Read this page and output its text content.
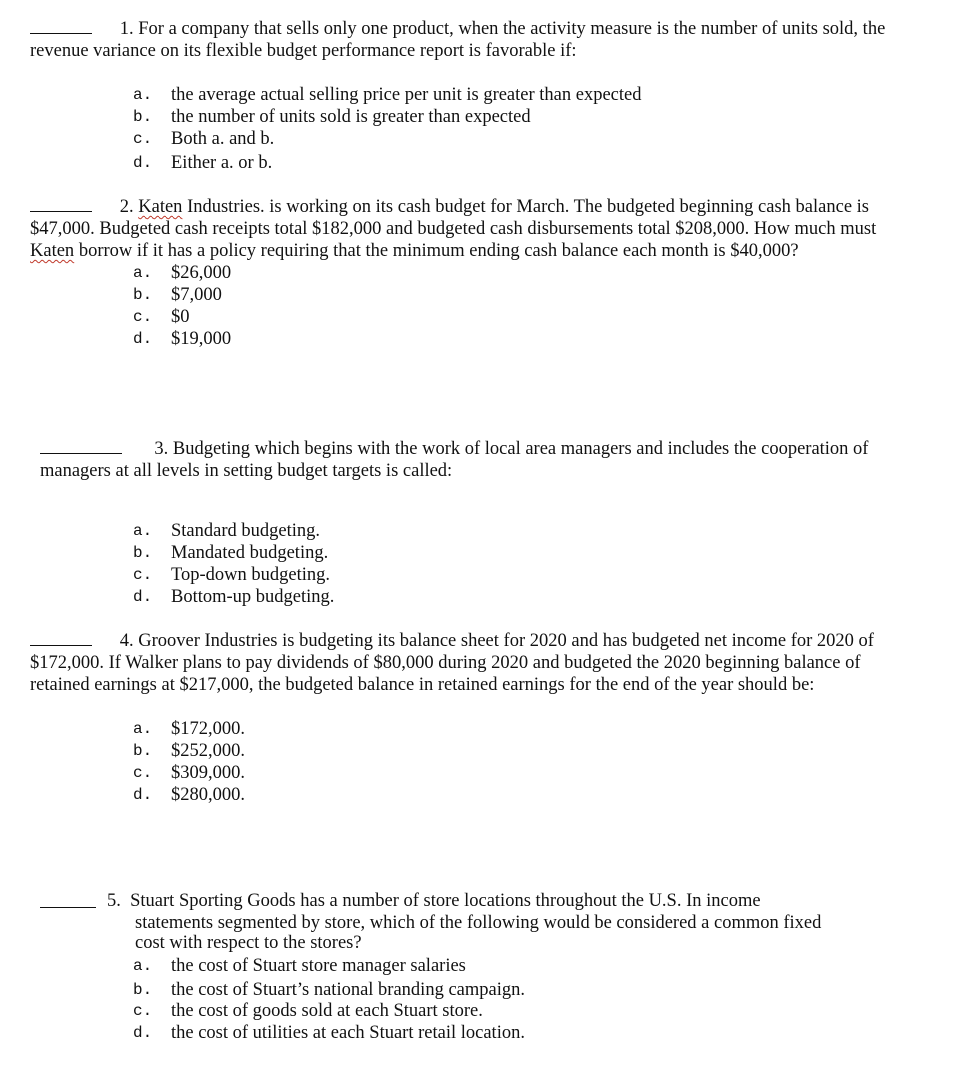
1. For a company that sells only one product, when the activity measure is the number of units sold, the
revenue variance on its flexible budget performance report is favorable if:
a. the average actual selling price per unit is greater than expected
b. the number of units sold is greater than expected
c. Both a. and b.
d. Either a. or b.
2. Katen Industries. is working on its cash budget for March. The budgeted beginning cash balance is
$47,000. Budgeted cash receipts total $182,000 and budgeted cash disbursements total $208,000. How much must
Katen borrow if it has a policy requiring that the minimum ending cash balance each month is $40,000?
a. $26,000
b. $7,000
c. $0
d. $19,000
3. Budgeting which begins with the work of local area managers and includes the cooperation of
managers at all levels in setting budget targets is called:
a. Standard budgeting.
b. Mandated budgeting.
c. Top-down budgeting.
d. Bottom-up budgeting.
4. Groover Industries is budgeting its balance sheet for 2020 and has budgeted net income for 2020 of
$172,000. If Walker plans to pay dividends of $80,000 during 2020 and budgeted the 2020 beginning balance of
retained earnings at $217,000, the budgeted balance in retained earnings for the end of the year should be:
a. $172,000.
b. $252,000.
c. $309,000.
d. $280,000.
5. Stuart Sporting Goods has a number of store locations throughout the U.S. In income
statements segmented by store, which of the following would be considered a common fixed
cost with respect to the stores?
a. the cost of Stuart store manager salaries
b. the cost of Stuart’s national branding campaign.
c. the cost of goods sold at each Stuart store.
d. the cost of utilities at each Stuart retail location.
